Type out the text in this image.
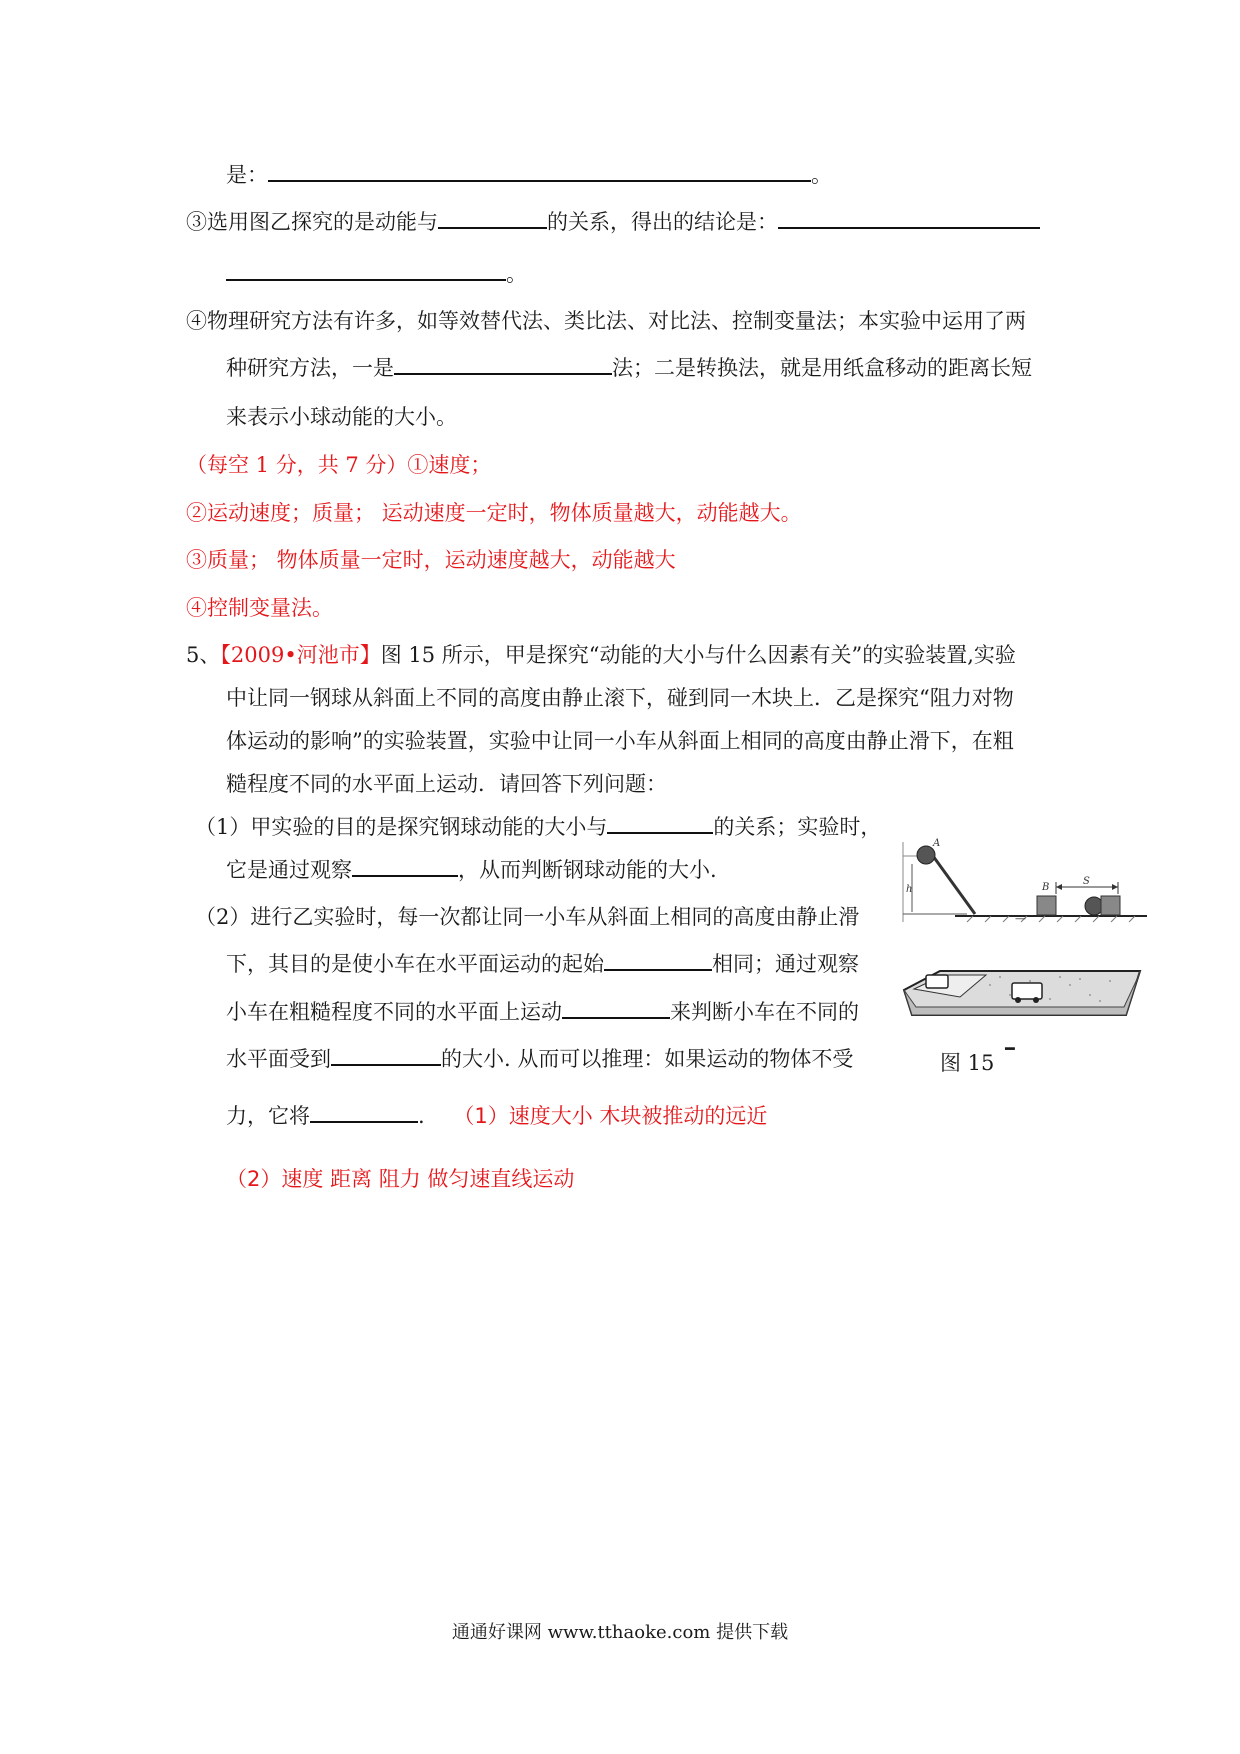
是：	。
③选用图乙探究的是动能与	的关系，得出的结论是：
。
④物理研究方法有许多，如等效替代法、类比法、对比法、控制变量法；本实验中运用了两
种研究方法，一是	法；二是转换法，就是用纸盒移动的距离长短
来表示小球动能的大小。
（每空 1 分，共 7 分）①速度；
②运动速度；质量； 运动速度一定时，物体质量越大，动能越大。
③质量； 物体质量一定时，运动速度越大，动能越大
④控制变量法。
5、【2009•河池市】图 15 所示，甲是探究“动能的大小与什么因素有关”的实验装置,实验
中让同一钢球从斜面上不同的高度由静止滚下，碰到同一木块上．乙是探究“阻力对物
体运动的影响”的实验装置，实验中让同一小车从斜面上相同的高度由静止滑下，在粗
糙程度不同的水平面上运动．请回答下列问题：
（1）甲实验的目的是探究钢球动能的大小与	的关系；实验时，
它是通过观察	，从而判断钢球动能的大小.
（2）进行乙实验时，每一次都让同一小车从斜面上相同的高度由静止滑
下，其目的是使小车在水平面运动的起始	相同；通过观察
小车在粗糙程度不同的水平面上运动	来判断小车在不同的
水平面受到	的大小. 从而可以推理：如果运动的物体不受
力，它将	. （1）速度大小 木块被推动的远近
（2）速度 距离 阻力 做匀速直线运动
h
A
B
S
—
图 15
━
通通好课网 www.tthaoke.com 提供下载
